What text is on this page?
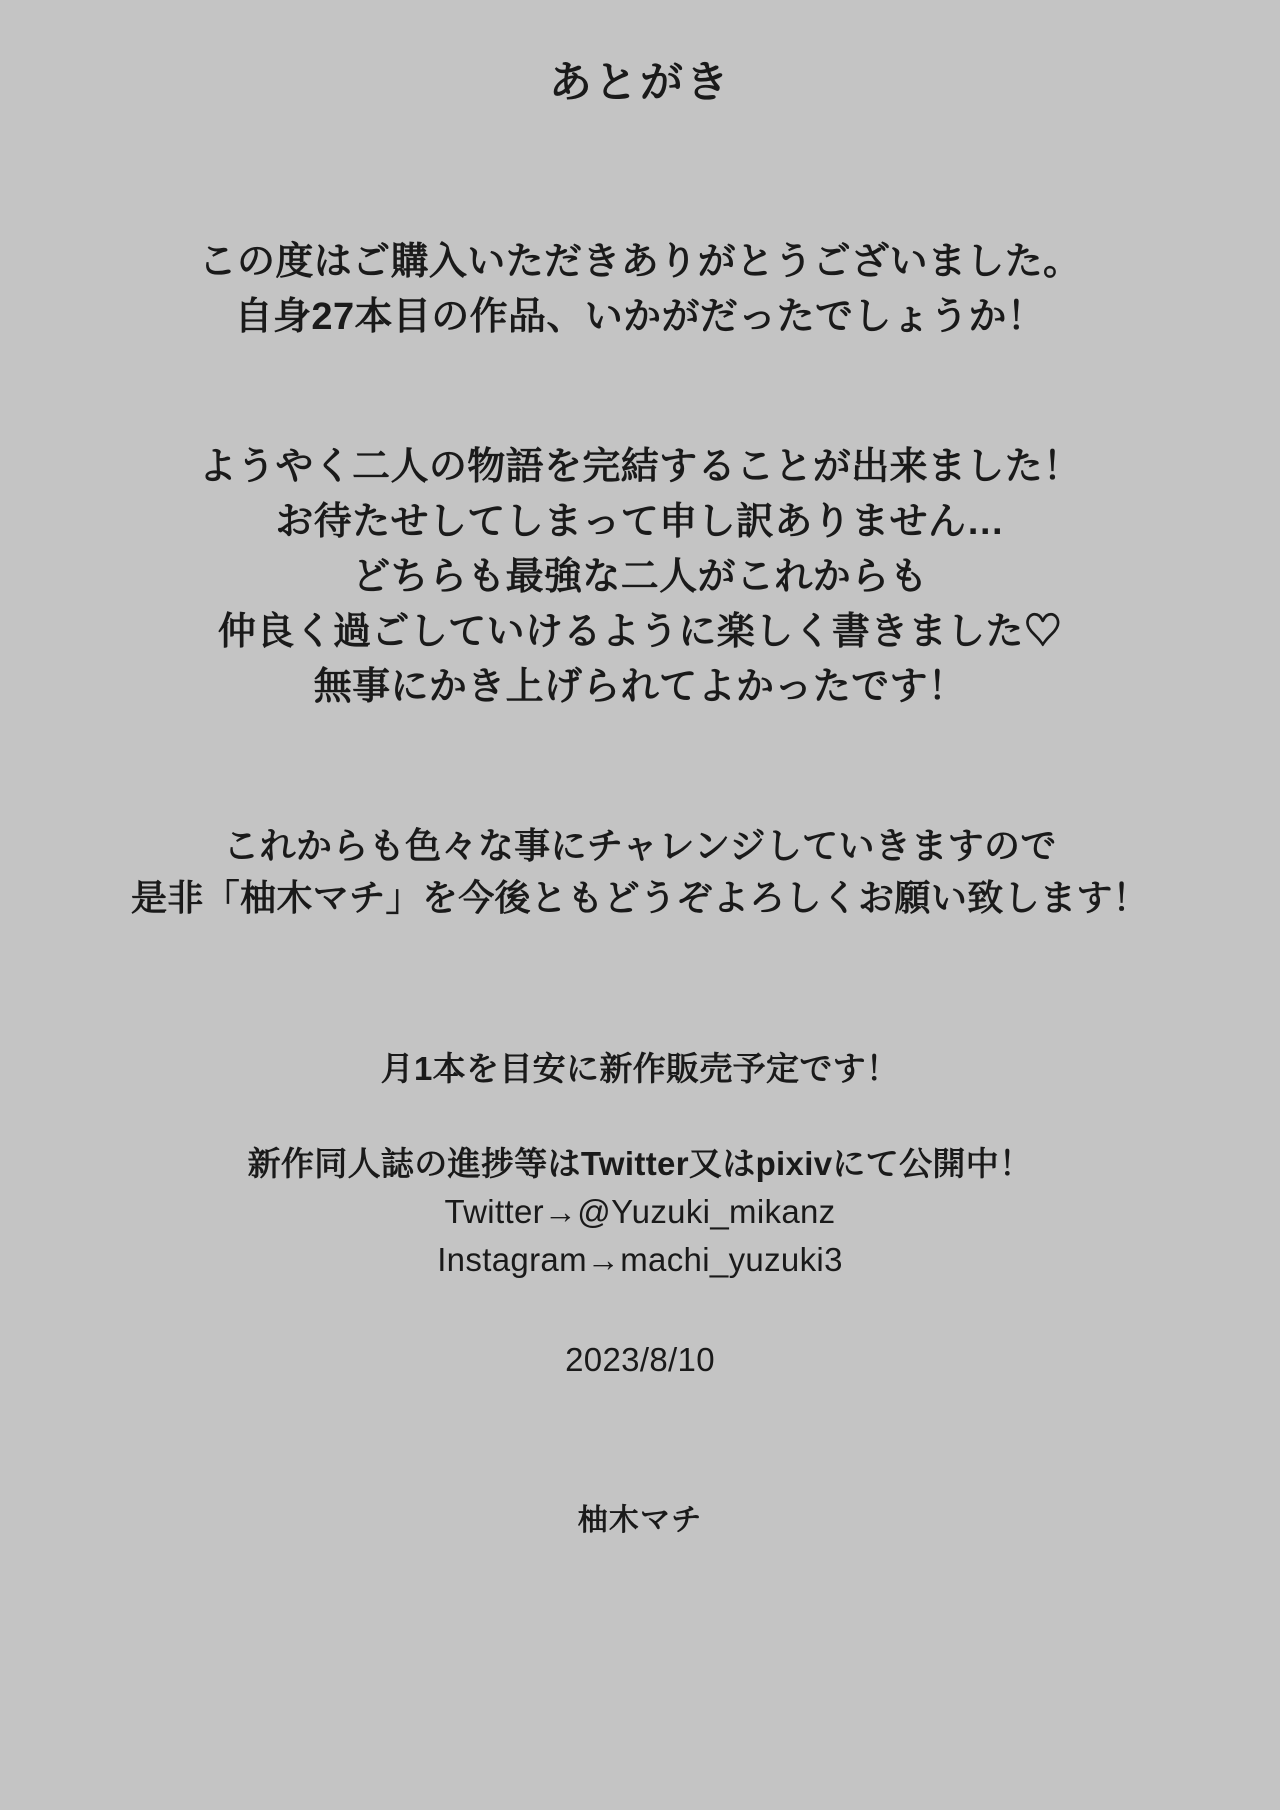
あとがき
この度はご購入いただきありがとうございました。
自身27本目の作品、いかがだったでしょうか！
ようやく二人の物語を完結することが出来ました！
お待たせしてしまって申し訳ありません…
どちらも最強な二人がこれからも
仲良く過ごしていけるように楽しく書きました♡
無事にかき上げられてよかったです！
これからも色々な事にチャレンジしていきますので
是非「柚木マチ」を今後ともどうぞよろしくお願い致します！
月1本を目安に新作販売予定です！
新作同人誌の進捗等はTwitter又はpixivにて公開中！
Twitter→@Yuzuki_mikanz
Instagram→machi_yuzuki3
2023/8/10
柚木マチ
